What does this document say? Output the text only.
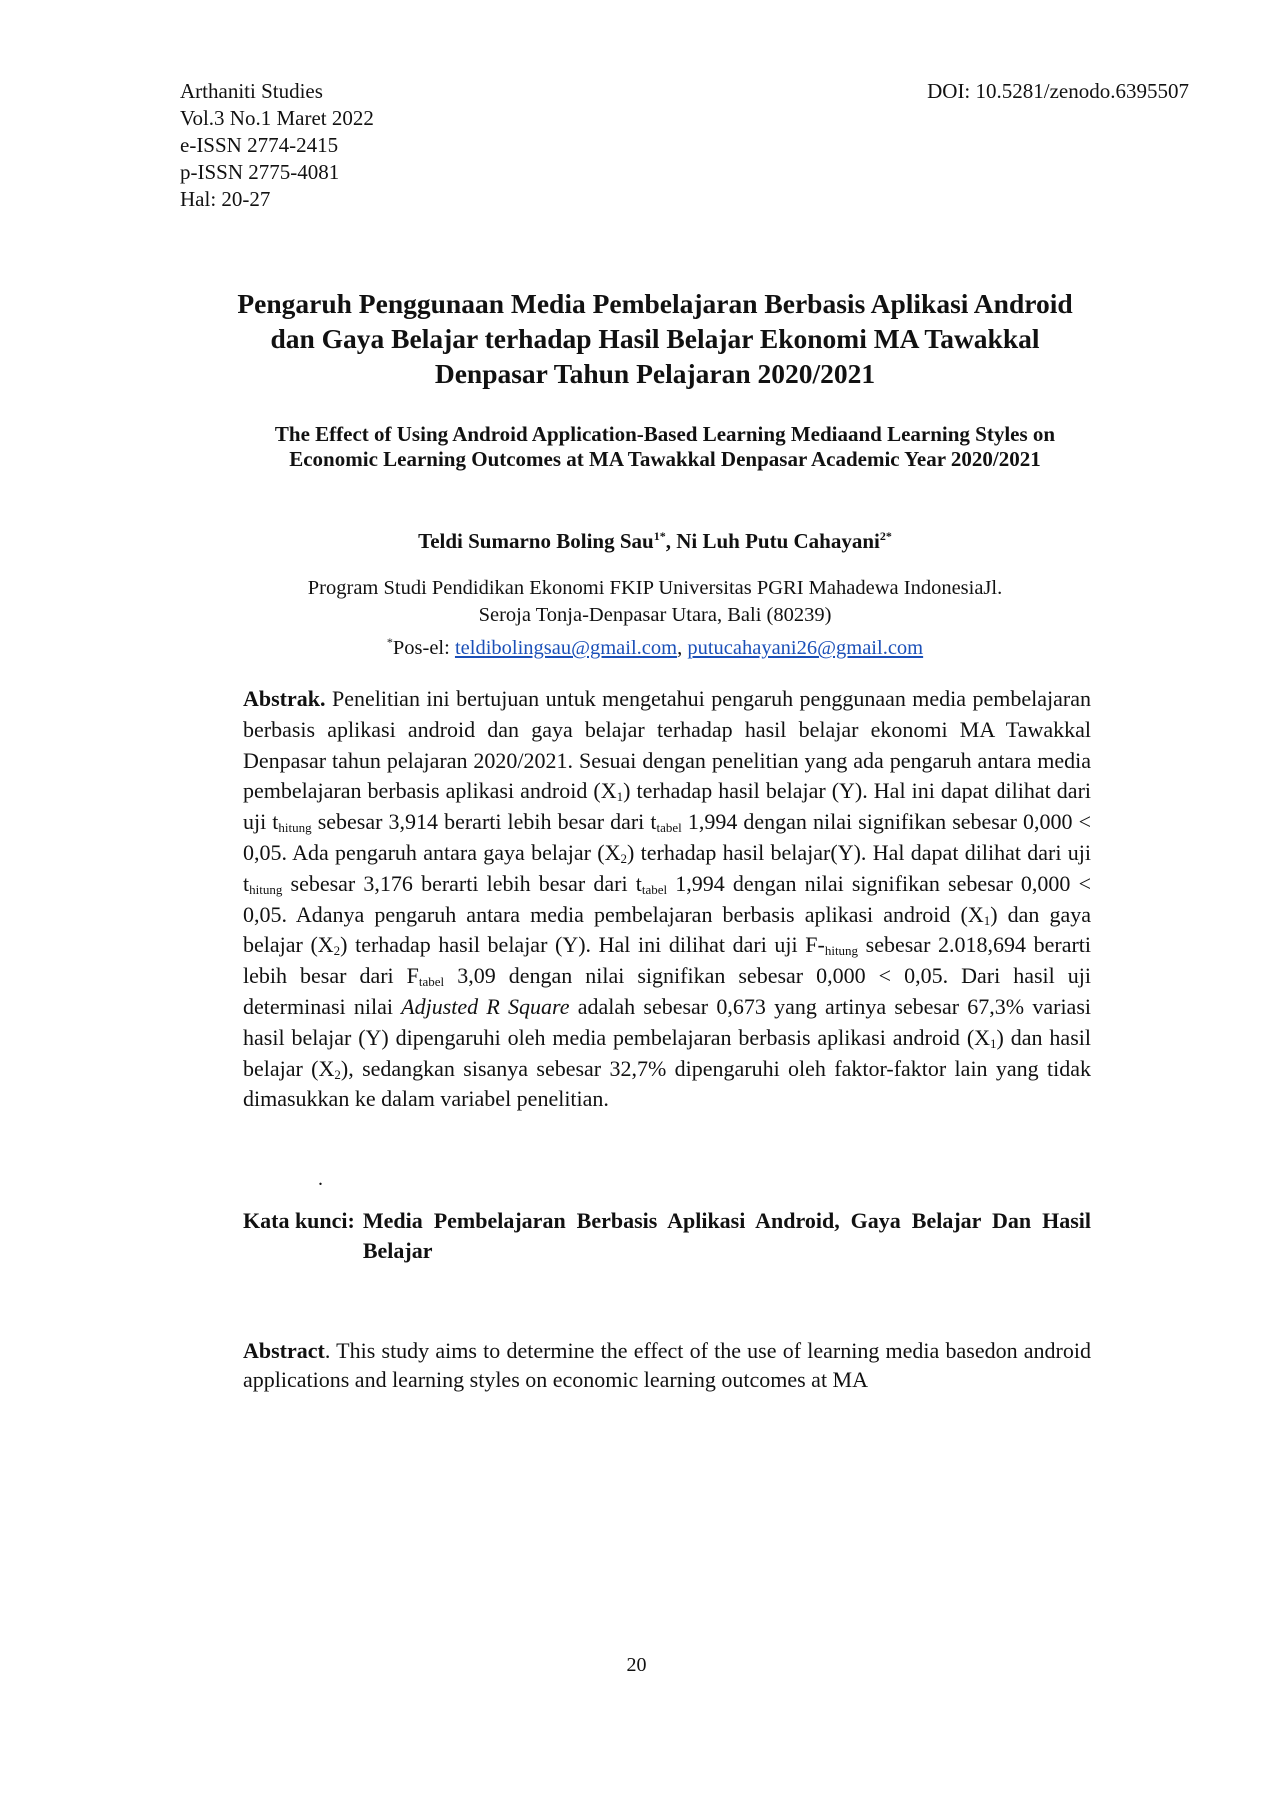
Arthaniti Studies
Vol.3 No.1 Maret 2022
e-ISSN 2774-2415
p-ISSN 2775-4081
Hal: 20-27
DOI: 10.5281/zenodo.6395507
Pengaruh Penggunaan Media Pembelajaran Berbasis Aplikasi Android dan Gaya Belajar terhadap Hasil Belajar Ekonomi MA Tawakkal Denpasar Tahun Pelajaran 2020/2021
The Effect of Using Android Application-Based Learning Mediaand Learning Styles on Economic Learning Outcomes at MA Tawakkal Denpasar Academic Year 2020/2021
Teldi Sumarno Boling Sau$^{1*}$, Ni Luh Putu Cahayani$^{2*}$
Program Studi Pendidikan Ekonomi FKIP Universitas PGRI Mahadewa IndonesiaJl.
Seroja Tonja-Denpasar Utara, Bali (80239)
*Pos-el: teldibolingsau@gmail.com, putucahayani26@gmail.com
Abstrak. Penelitian ini bertujuan untuk mengetahui pengaruh penggunaan media pembelajaran berbasis aplikasi android dan gaya belajar terhadap hasil belajar ekonomi MA Tawakkal Denpasar tahun pelajaran 2020/2021. Sesuai dengan penelitian yang ada pengaruh antara media pembelajaran berbasis aplikasi android $(X_1)$ terhadap hasil belajar (Y). Hal ini dapat dilihat dari uji $t_{hitung}$ sebesar 3,914 berarti lebih besar dari $t_{tabel}$ 1,994 dengan nilai signifikan sebesar 0,000 < 0,05. Ada pengaruh antara gaya belajar $(X_2)$ terhadap hasil belajar(Y). Hal dapat dilihat dari uji $t_{hitung}$ sebesar 3,176 berarti lebih besar dari $t_{tabel}$ 1,994 dengan nilai signifikan sebesar 0,000 < 0,05. Adanya pengaruh antara media pembelajaran berbasis aplikasi android $(X_1)$ dan gaya belajar $(X_2)$ terhadap hasil belajar (Y). Hal ini dilihat dari uji $F-_{hitung}$ sebesar 2.018,694 berarti lebih besar dari $F_{tabel}$ 3,09 dengan nilai signifikan sebesar 0,000 < 0,05. Dari hasil uji determinasi nilai Adjusted R Square adalah sebesar 0,673 yang artinya sebesar 67,3% variasi hasil belajar (Y) dipengaruhi oleh media pembelajaran berbasis aplikasi android $(X_1)$ dan hasil belajar $(X_2)$, sedangkan sisanya sebesar 32,7% dipengaruhi oleh faktor-faktor lain yang tidak dimasukkan ke dalam variabel penelitian.
.
Kata kunci: Media Pembelajaran Berbasis Aplikasi Android, Gaya Belajar Dan Hasil Belajar
Abstract. This study aims to determine the effect of the use of learning media basedon android applications and learning styles on economic learning outcomes at MA
20
